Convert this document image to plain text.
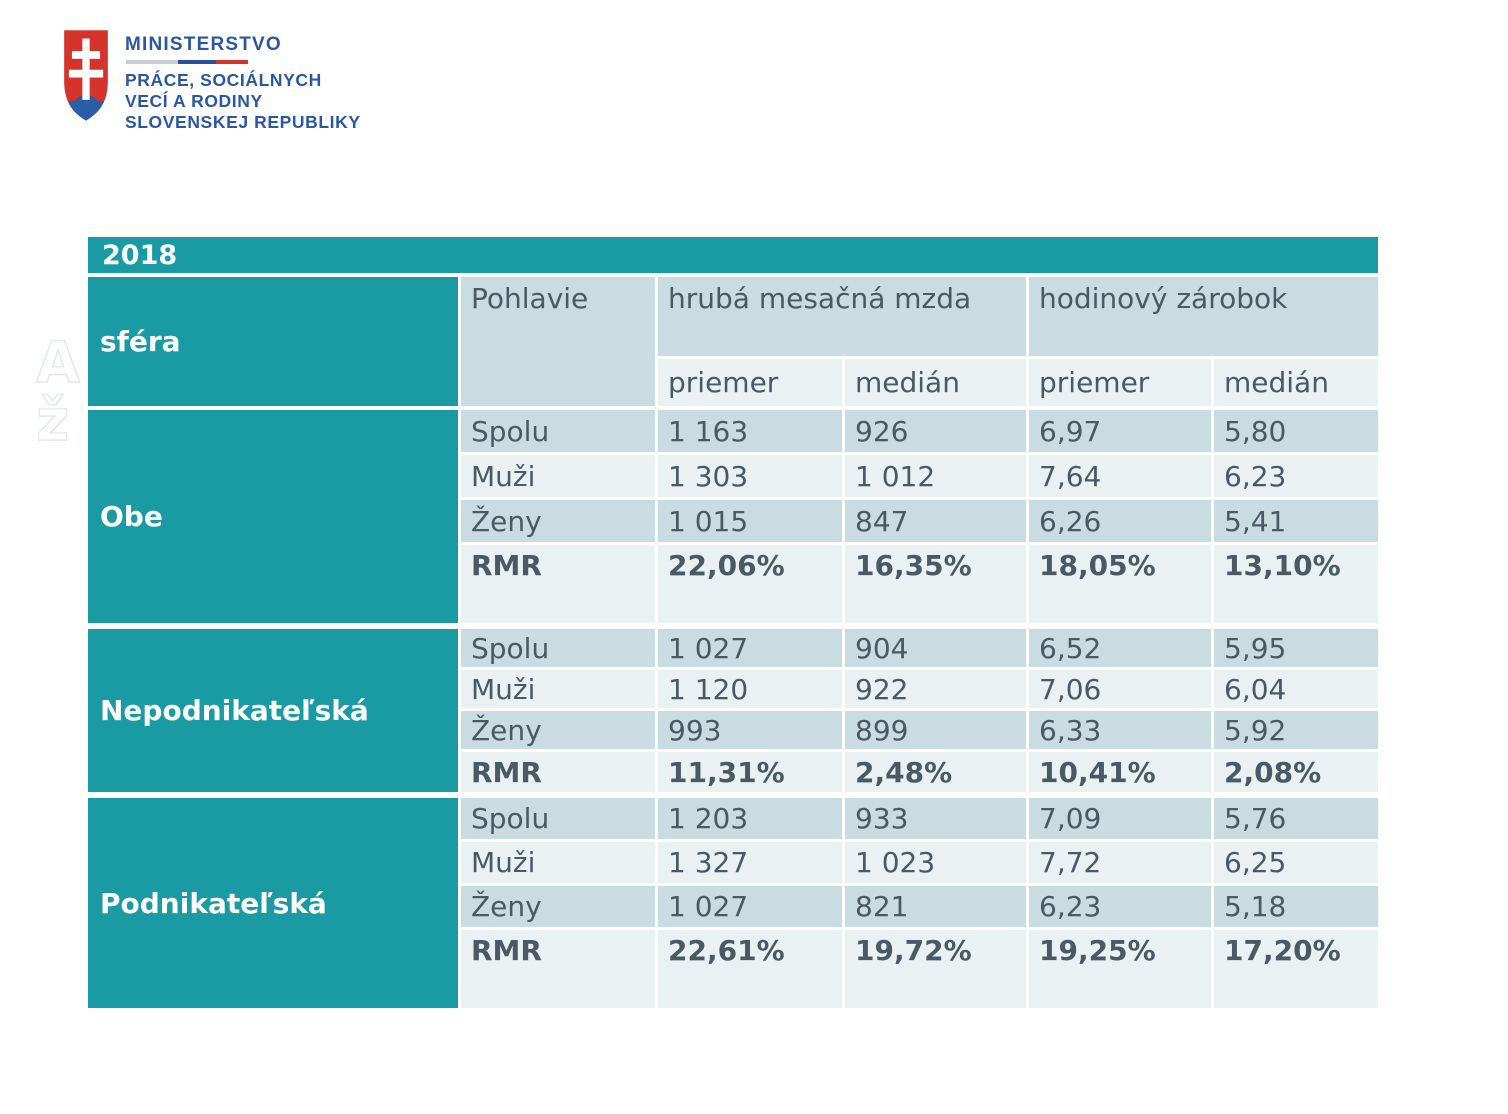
MINISTERSTVO
PRÁCE, SOCIÁLNYCH
VECÍ A RODINY
SLOVENSKEJ REPUBLIKY
A
ž
2018
sféra
Pohlavie	hrubá mesačná mzda	hodinový zárobok
priemer	medián	priemer	medián
Obe
Spolu	1 163	926	6,97	5,80
Muži	1 303	1 012	7,64	6,23
Ženy	1 015	847	6,26	5,41
RMR	22,06%	16,35%	18,05%	13,10%
Nepodnikateľská
Spolu	1 027	904	6,52	5,95
Muži	1 120	922	7,06	6,04
Ženy	993	899	6,33	5,92
RMR	11,31%	2,48%	10,41%	2,08%
Podnikateľská
Spolu	1 203	933	7,09	5,76
Muži	1 327	1 023	7,72	6,25
Ženy	1 027	821	6,23	5,18
RMR	22,61%	19,72%	19,25%	17,20%
